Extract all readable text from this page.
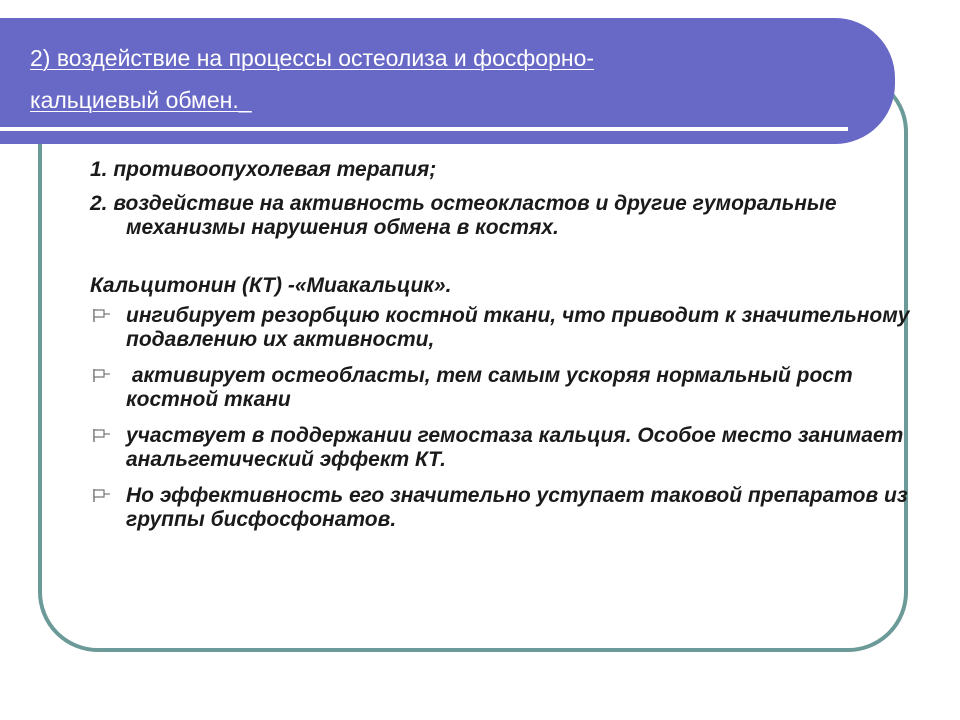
2) воздействие на процессы остеолиза и фосфорно-
кальциевый обмен._

1. противоопухолевая терапия;

2. воздействие на активность остеокластов и другие гуморальные механизмы нарушения обмена в костях.

Кальцитонин (КТ) -«Миакальцик».
ингибирует резорбцию костной ткани, что приводит к значительному подавлению их активности,
активирует остеобласты, тем самым ускоряя нормальный рост костной ткани
участвует в поддержании гемостаза кальция. Особое место занимает анальгетический эффект КТ.
Но эффективность его значительно уступает таковой препаратов из группы бисфосфонатов.
